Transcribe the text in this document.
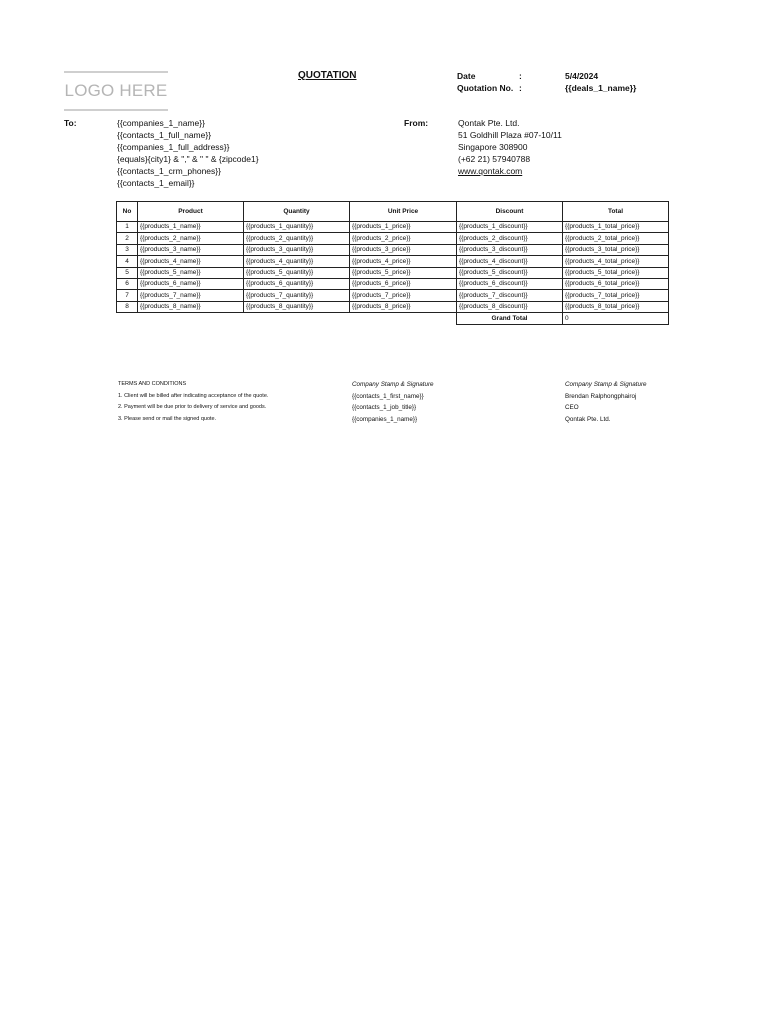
LOGO HERE
QUOTATION	Date	:	5/4/2024
Quotation No. :	{{deals_1_name}}
To:	{{companies_1_name}}
{{contacts_1_full_name}}
{{companies_1_full_address}}
{equals}{city1} & "," & " " & {zipcode1}
{{contacts_1_crm_phones}}
{{contacts_1_email}}
From:	Qontak Pte. Ltd.
51 Goldhill Plaza #07-10/11
Singapore 308900
(+62 21) 57940788
www.qontak.com
No	Product	Quantity	Unit Price	Discount	Total
1	{{products_1_name}}	{{products_1_quantity}}	{{products_1_price}}	{{products_1_discount}}	{{products_1_total_price}}
2	{{products_2_name}}	{{products_2_quantity}}	{{products_2_price}}	{{products_2_discount}}	{{products_2_total_price}}
3	{{products_3_name}}	{{products_3_quantity}}	{{products_3_price}}	{{products_3_discount}}	{{products_3_total_price}}
4	{{products_4_name}}	{{products_4_quantity}}	{{products_4_price}}	{{products_4_discount}}	{{products_4_total_price}}
5	{{products_5_name}}	{{products_5_quantity}}	{{products_5_price}}	{{products_5_discount}}	{{products_5_total_price}}
6	{{products_6_name}}	{{products_6_quantity}}	{{products_6_price}}	{{products_6_discount}}	{{products_6_total_price}}
7	{{products_7_name}}	{{products_7_quantity}}	{{products_7_price}}	{{products_7_discount}}	{{products_7_total_price}}
8	{{products_8_name}}	{{products_8_quantity}}	{{products_8_price}}	{{products_8_discount}}	{{products_8_total_price}}
				Grand Total	0
TERMS AND CONDITIONS
1. Client will be billed after indicating acceptance of the quote.
2. Payment will be due prior to delivery of service and goods.
3. Please send or mail the signed quote.
Company Stamp & Signature
{{contacts_1_first_name}}
{{contacts_1_job_title}}
{{companies_1_name}}
Company Stamp & Signature
Brendan Ralphongphairoj
CEO
Qontak Pte. Ltd.
